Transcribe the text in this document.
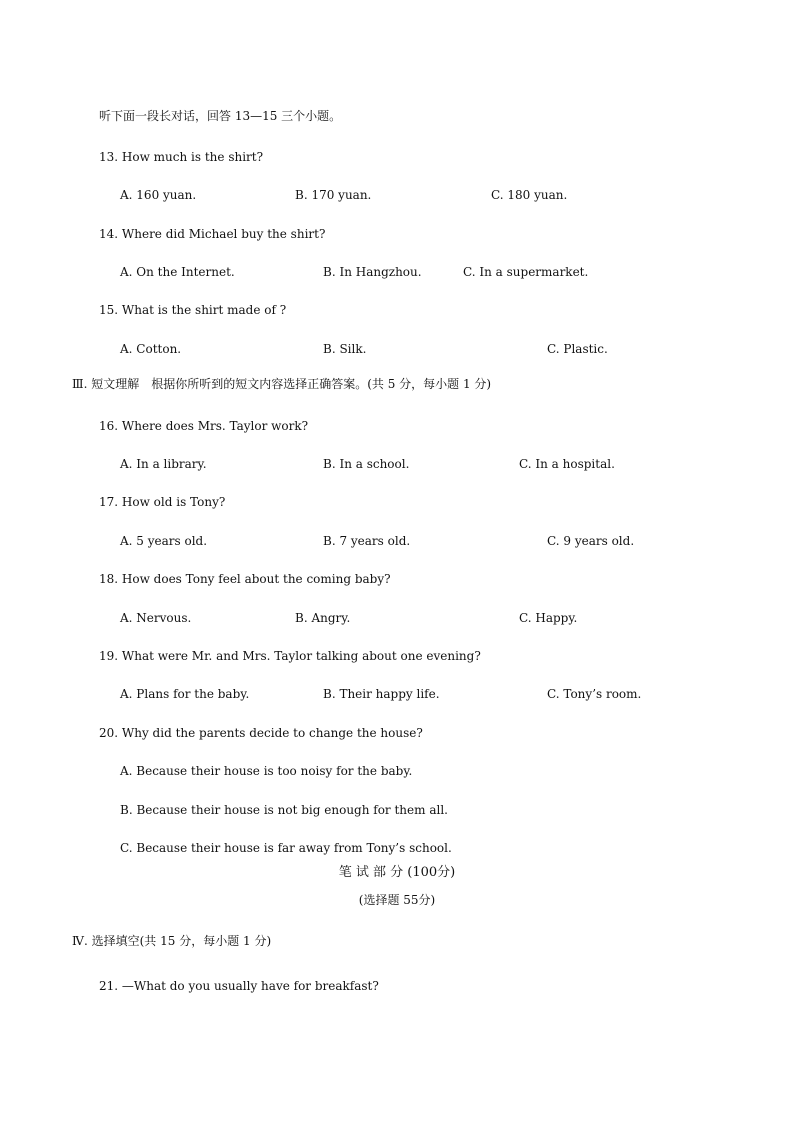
听下面一段长对话，回答 13—15 三个小题。
13. How much is the shirt?
A. 160 yuan.	B. 170 yuan.	C. 180 yuan.
14. Where did Michael buy the shirt?
A. On the Internet.	B. In Hangzhou.	C. In a supermarket.
15. What is the shirt made of ?
A. Cotton.	B. Silk.	C. Plastic.
Ⅲ. 短文理解　根据你所听到的短文内容选择正确答案。(共 5 分，每小题 1 分)
16. Where does Mrs. Taylor work?
A. In a library.	B. In a school.	C. In a hospital.
17. How old is Tony?
A. 5 years old.	B. 7 years old.	C. 9 years old.
18. How does Tony feel about the coming baby?
A. Nervous.	B. Angry.	C. Happy.
19. What were Mr. and Mrs. Taylor talking about one evening?
A. Plans for the baby.	B. Their happy life.	C. Tony’s room.
20. Why did the parents decide to change the house?
A. Because their house is too noisy for the baby.
B. Because their house is not big enough for them all.
C. Because their house is far away from Tony’s school.
笔 试 部 分 (100分)
(选择题 55分)
Ⅳ. 选择填空(共 15 分，每小题 1 分)
21. —What do you usually have for breakfast?
